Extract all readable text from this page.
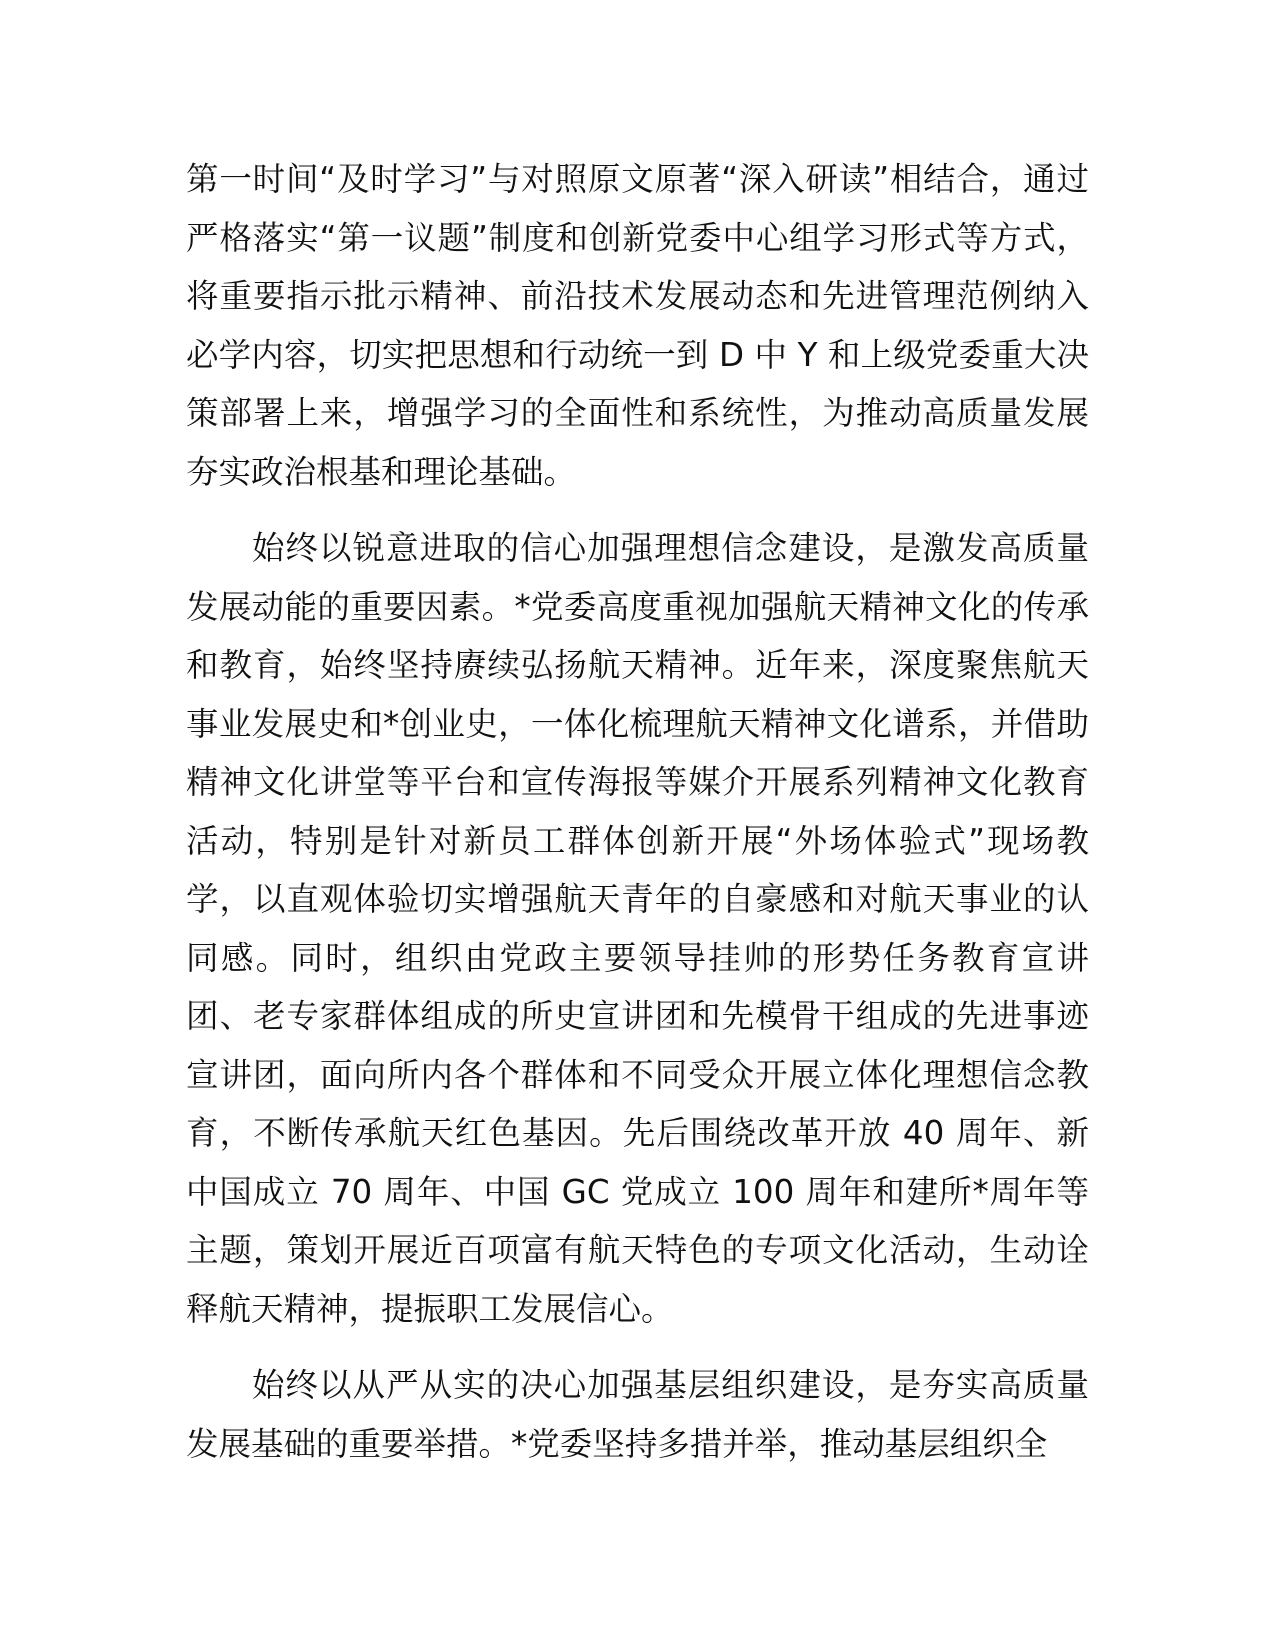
第一时间“及时学习”与对照原文原著“深入研读”相结合，通过严格落实“第一议题”制度和创新党委中心组学习形式等方式，将重要指示批示精神、前沿技术发展动态和先进管理范例纳入必学内容，切实把思想和行动统一到 D 中 Y 和上级党委重大决策部署上来，增强学习的全面性和系统性，为推动高质量发展夯实政治根基和理论基础。

始终以锐意进取的信心加强理想信念建设，是激发高质量发展动能的重要因素。*党委高度重视加强航天精神文化的传承和教育，始终坚持赓续弘扬航天精神。近年来，深度聚焦航天事业发展史和*创业史，一体化梳理航天精神文化谱系，并借助精神文化讲堂等平台和宣传海报等媒介开展系列精神文化教育活动，特别是针对新员工群体创新开展“外场体验式”现场教学，以直观体验切实增强航天青年的自豪感和对航天事业的认同感。同时，组织由党政主要领导挂帅的形势任务教育宣讲团、老专家群体组成的所史宣讲团和先模骨干组成的先进事迹宣讲团，面向所内各个群体和不同受众开展立体化理想信念教育，不断传承航天红色基因。先后围绕改革开放 40 周年、新中国成立 70 周年、中国 GC 党成立 100 周年和建所*周年等主题，策划开展近百项富有航天特色的专项文化活动，生动诠释航天精神，提振职工发展信心。

始终以从严从实的决心加强基层组织建设，是夯实高质量发展基础的重要举措。*党委坚持多措并举，推动基层组织全
